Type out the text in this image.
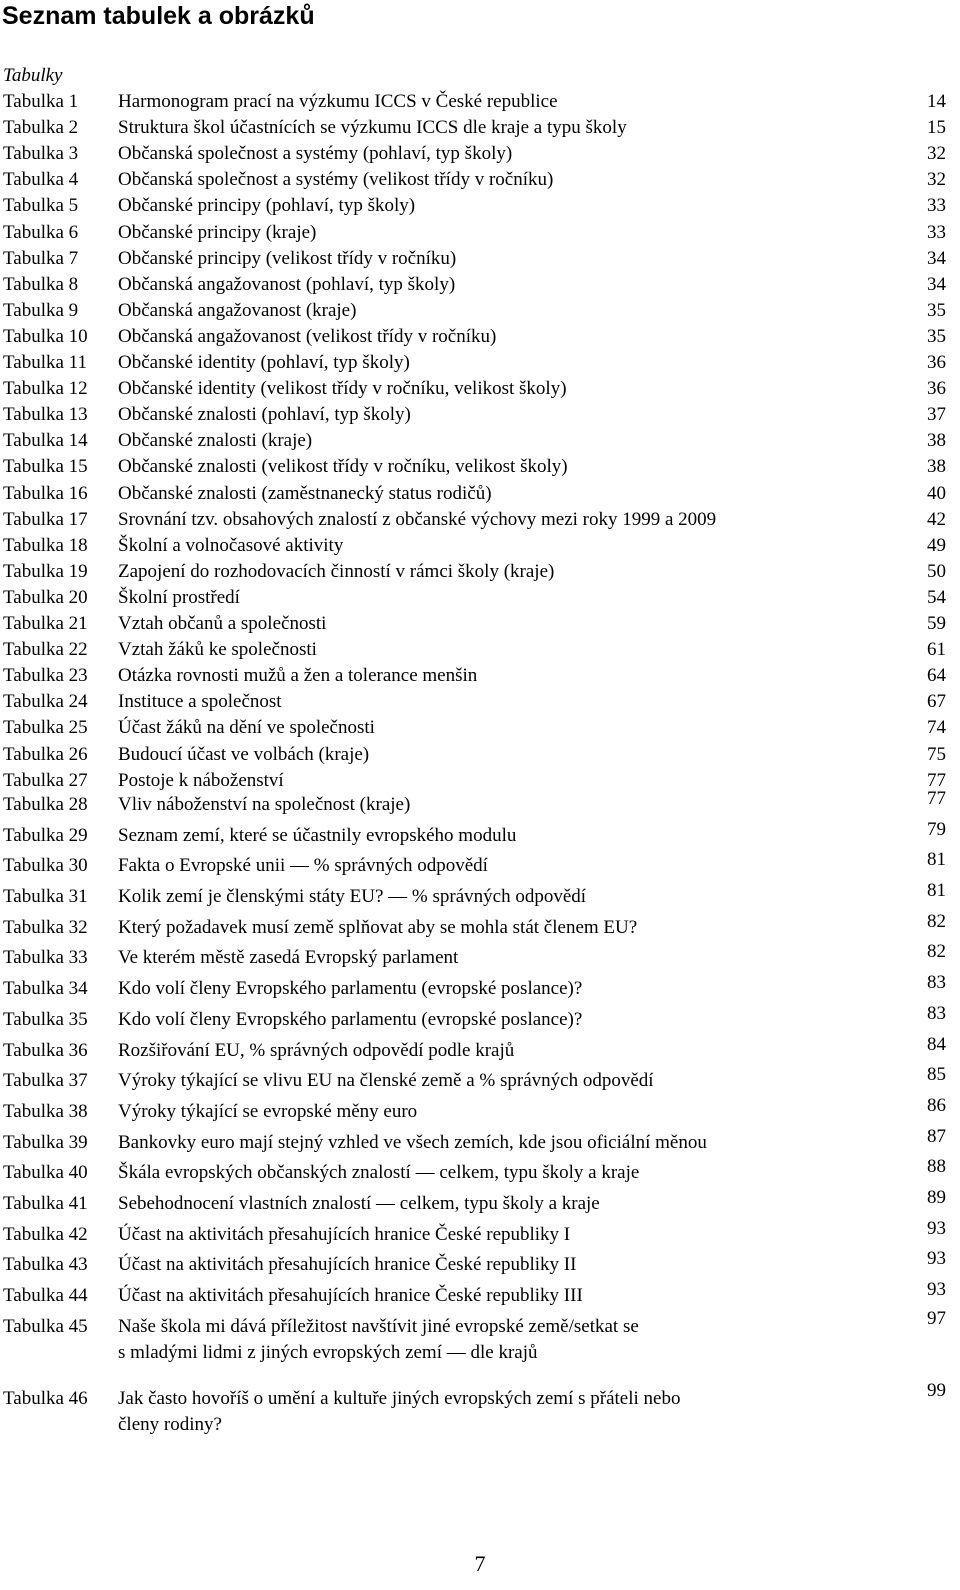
Seznam tabulek a obrázků
Tabulky
Tabulka 1 Harmonogram prací na výzkumu ICCS v České republice	14
Tabulka 2 Struktura škol účastnících se výzkumu ICCS dle kraje a typu školy	15
Tabulka 3 Občanská společnost a systémy (pohlaví, typ školy)	32
Tabulka 4 Občanská společnost a systémy (velikost třídy v ročníku)	32
Tabulka 5 Občanské principy (pohlaví, typ školy)	33
Tabulka 6 Občanské principy (kraje)	33
Tabulka 7 Občanské principy (velikost třídy v ročníku)	34
Tabulka 8 Občanská angažovanost (pohlaví, typ školy)	34
Tabulka 9 Občanská angažovanost (kraje)	35
Tabulka 10 Občanská angažovanost (velikost třídy v ročníku)	35
Tabulka 11 Občanské identity (pohlaví, typ školy)	36
Tabulka 12 Občanské identity (velikost třídy v ročníku, velikost školy)	36
Tabulka 13 Občanské znalosti (pohlaví, typ školy)	37
Tabulka 14 Občanské znalosti (kraje)	38
Tabulka 15 Občanské znalosti (velikost třídy v ročníku, velikost školy)	38
Tabulka 16 Občanské znalosti (zaměstnanecký status rodičů)	40
Tabulka 17 Srovnání tzv. obsahových znalostí z občanské výchovy mezi roky 1999 a 2009	42
Tabulka 18 Školní a volnočasové aktivity	49
Tabulka 19 Zapojení do rozhodovacích činností v rámci školy (kraje)	50
Tabulka 20 Školní prostředí	54
Tabulka 21 Vztah občanů a společnosti	59
Tabulka 22 Vztah žáků ke společnosti	61
Tabulka 23 Otázka rovnosti mužů a žen a tolerance menšin	64
Tabulka 24 Instituce a společnost	67
Tabulka 25 Účast žáků na dění ve společnosti	74
Tabulka 26 Budoucí účast ve volbách (kraje)	75
Tabulka 27 Postoje k náboženství	77
Tabulka 28 Vliv náboženství na společnost (kraje)	77
Tabulka 29 Seznam zemí, které se účastnily evropského modulu	79
Tabulka 30 Fakta o Evropské unii — % správných odpovědí	81
Tabulka 31 Kolik zemí je členskými státy EU? — % správných odpovědí	81
Tabulka 32 Který požadavek musí země splňovat aby se mohla stát členem EU?	82
Tabulka 33 Ve kterém městě zasedá Evropský parlament	82
Tabulka 34 Kdo volí členy Evropského parlamentu (evropské poslance)?	83
Tabulka 35 Kdo volí členy Evropského parlamentu (evropské poslance)?	83
Tabulka 36 Rozšiřování EU, % správných odpovědí podle krajů	84
Tabulka 37 Výroky týkající se vlivu EU na členské země a % správných odpovědí	85
Tabulka 38 Výroky týkající se evropské měny euro	86
Tabulka 39 Bankovky euro mají stejný vzhled ve všech zemích, kde jsou oficiální měnou	87
Tabulka 40 Škála evropských občanských znalostí — celkem, typu školy a kraje	88
Tabulka 41 Sebehodnocení vlastních znalostí — celkem, typu školy a kraje	89
Tabulka 42 Účast na aktivitách přesahujících hranice České republiky I	93
Tabulka 43 Účast na aktivitách přesahujících hranice České republiky II	93
Tabulka 44 Účast na aktivitách přesahujících hranice České republiky III	93
Tabulka 45 Naše škola mi dává příležitost navštívit jiné evropské země/setkat se
s mladými lidmi z jiných evropských zemí — dle krajů
97
Tabulka 46 Jak často hovoříš o umění a kultuře jiných evropských zemí s přáteli nebo
členy rodiny?
99
7
